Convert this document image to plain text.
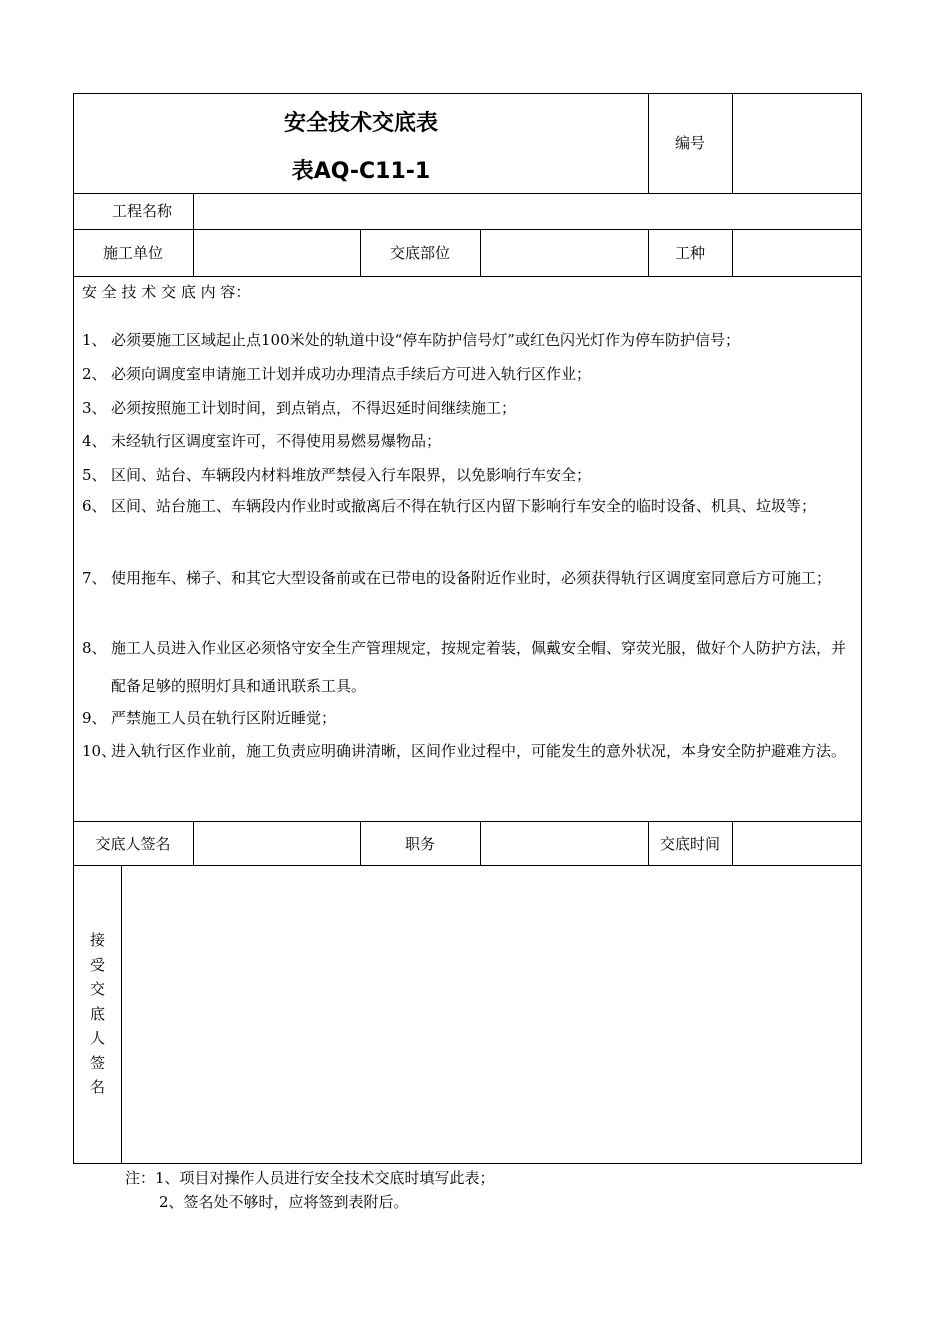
安全技术交底表
表AQ-C11-1
编号
工程名称
施工单位	交底部位	工种
安 全 技 术 交 底 内 容：
1、 必须要施工区域起止点100米处的轨道中设“停车防护信号灯”或红色闪光灯作为停车防护信号；
2、 必须向调度室申请施工计划并成功办理清点手续后方可进入轨行区作业；
3、 必须按照施工计划时间，到点销点，不得迟延时间继续施工；
4、 未经轨行区调度室许可，不得使用易燃易爆物品；
5、 区间、站台、车辆段内材料堆放严禁侵入行车限界，以免影响行车安全；
6、 区间、站台施工、车辆段内作业时或撤离后不得在轨行区内留下影响行车安全的临时设备、机具、垃圾等；
7、 使用拖车、梯子、和其它大型设备前或在已带电的设备附近作业时，必须获得轨行区调度室同意后方可施工；
8、 施工人员进入作业区必须恪守安全生产管理规定，按规定着装，佩戴安全帽、穿荧光服，做好个人防护方法，并配备足够的照明灯具和通讯联系工具。
9、 严禁施工人员在轨行区附近睡觉；
10、
进入轨行区作业前，施工负责应明确讲清晰，区间作业过程中，可能发生的意外状况，本身安全防护避难方法。
交底人签名	职务	交底时间
接
受
交
底
人
签
名
注：1、项目对操作人员进行安全技术交底时填写此表；
2、签名处不够时，应将签到表附后。
